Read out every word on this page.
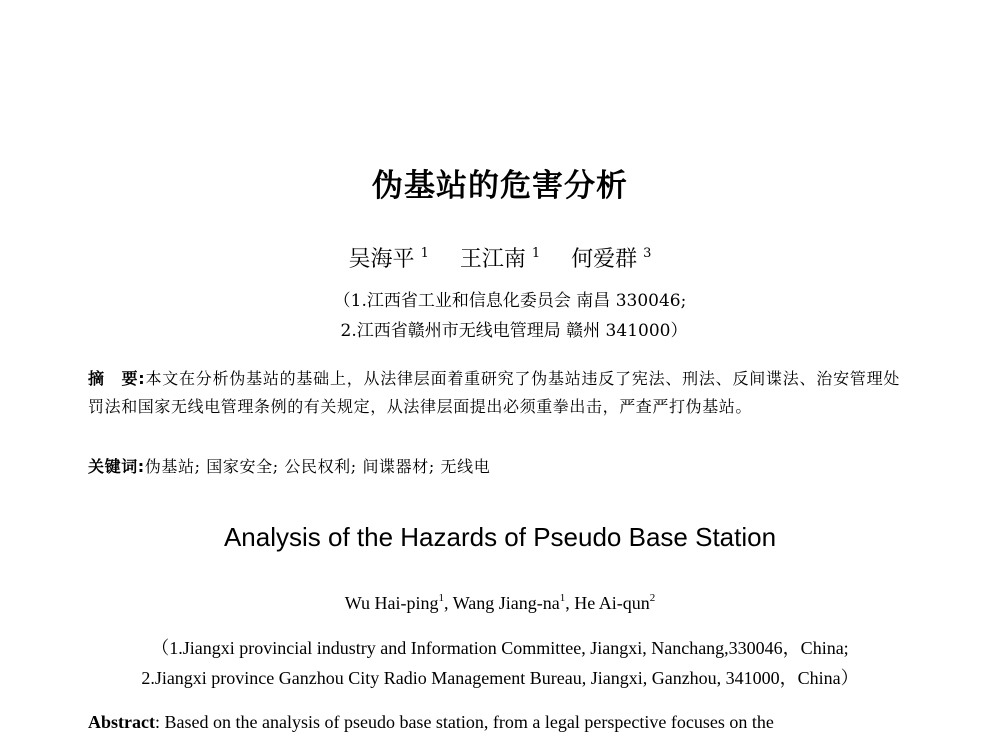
伪基站的危害分析
吴海平 $^1$ 王江南 $^1$ 何爱群 $^3$
（1.江西省工业和信息化委员会 南昌 330046;
2.江西省赣州市无线电管理局 赣州 341000）
摘　要:本文在分析伪基站的基础上，从法律层面着重研究了伪基站违反了宪法、刑法、反间谍法、治安管理处罚法和国家无线电管理条例的有关规定，从法律层面提出必须重拳出击，严查严打伪基站。
关键词:伪基站; 国家安全; 公民权利; 间谍器材; 无线电
Analysis of the Hazards of Pseudo Base Station
Wu Hai-ping$^1$, Wang Jiang-$na^1$, He Ai-qun$^2$
（1.Jiangxi provincial industry and Information Committee, Jiangxi, Nanchang,330046，China;
2.Jiangxi province Ganzhou City Radio Management Bureau, Jiangxi, Ganzhou, 341000，China）
Abstract: Based on the analysis of pseudo base station, from a legal perspective focuses on the
